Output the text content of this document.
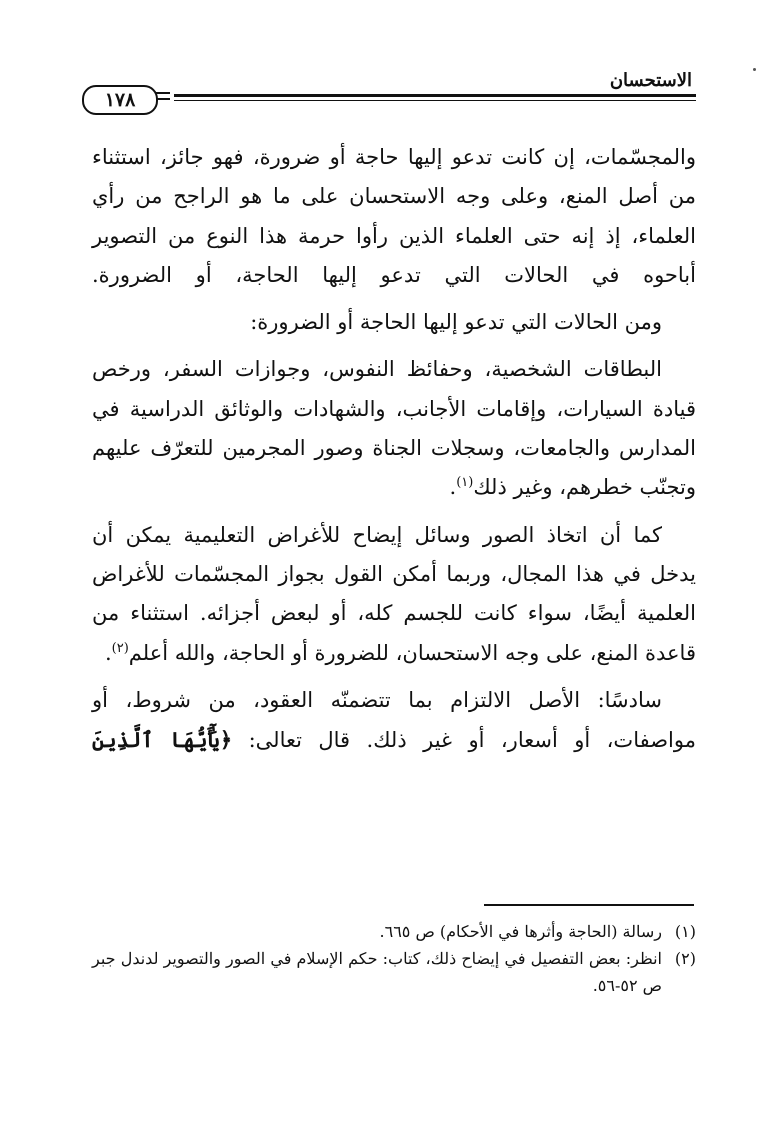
الاستحسان
١٧٨

والمجسّمات، إن كانت تدعو إليها حاجة أو ضرورة، فهو جائز، استثناء من أصل المنع، وعلى وجه الاستحسان على ما هو الراجح من رأي العلماء، إذ إنه حتى العلماء الذين رأوا حرمة هذا النوع من التصوير أباحوه في الحالات التي تدعو إليها الحاجة، أو الضرورة.

ومن الحالات التي تدعو إليها الحاجة أو الضرورة:

البطاقات الشخصية، وحفائظ النفوس، وجوازات السفر، ورخص قيادة السيارات، وإقامات الأجانب، والشهادات والوثائق الدراسية في المدارس والجامعات، وسجلات الجناة وصور المجرمين للتعرّف عليهم وتجنّب خطرهم، وغير ذلك$^{(١)}$.

كما أن اتخاذ الصور وسائل إيضاح للأغراض التعليمية يمكن أن يدخل في هذا المجال، وربما أمكن القول بجواز المجسّمات للأغراض العلمية أيضًا، سواء كانت للجسم كله، أو لبعض أجزائه. استثناء من قاعدة المنع، على وجه الاستحسان، للضرورة أو الحاجة، والله أعلم$^{(٢)}$.

سادسًا: الأصل الالتزام بما تتضمنّه العقود، من شروط، أو مواصفات، أو أسعار، أو غير ذلك. قال تعالى: ﴿يَٰٓأَيُّهَا ٱلَّذِينَ

(١)
رسالة (الحاجة وأثرها في الأحكام) ص ٦٦٥.
(٢)
انظر: بعض التفصيل في إيضاح ذلك، كتاب: حكم الإسلام في الصور والتصوير لدندل جبر ص ٥٢-٥٦.
